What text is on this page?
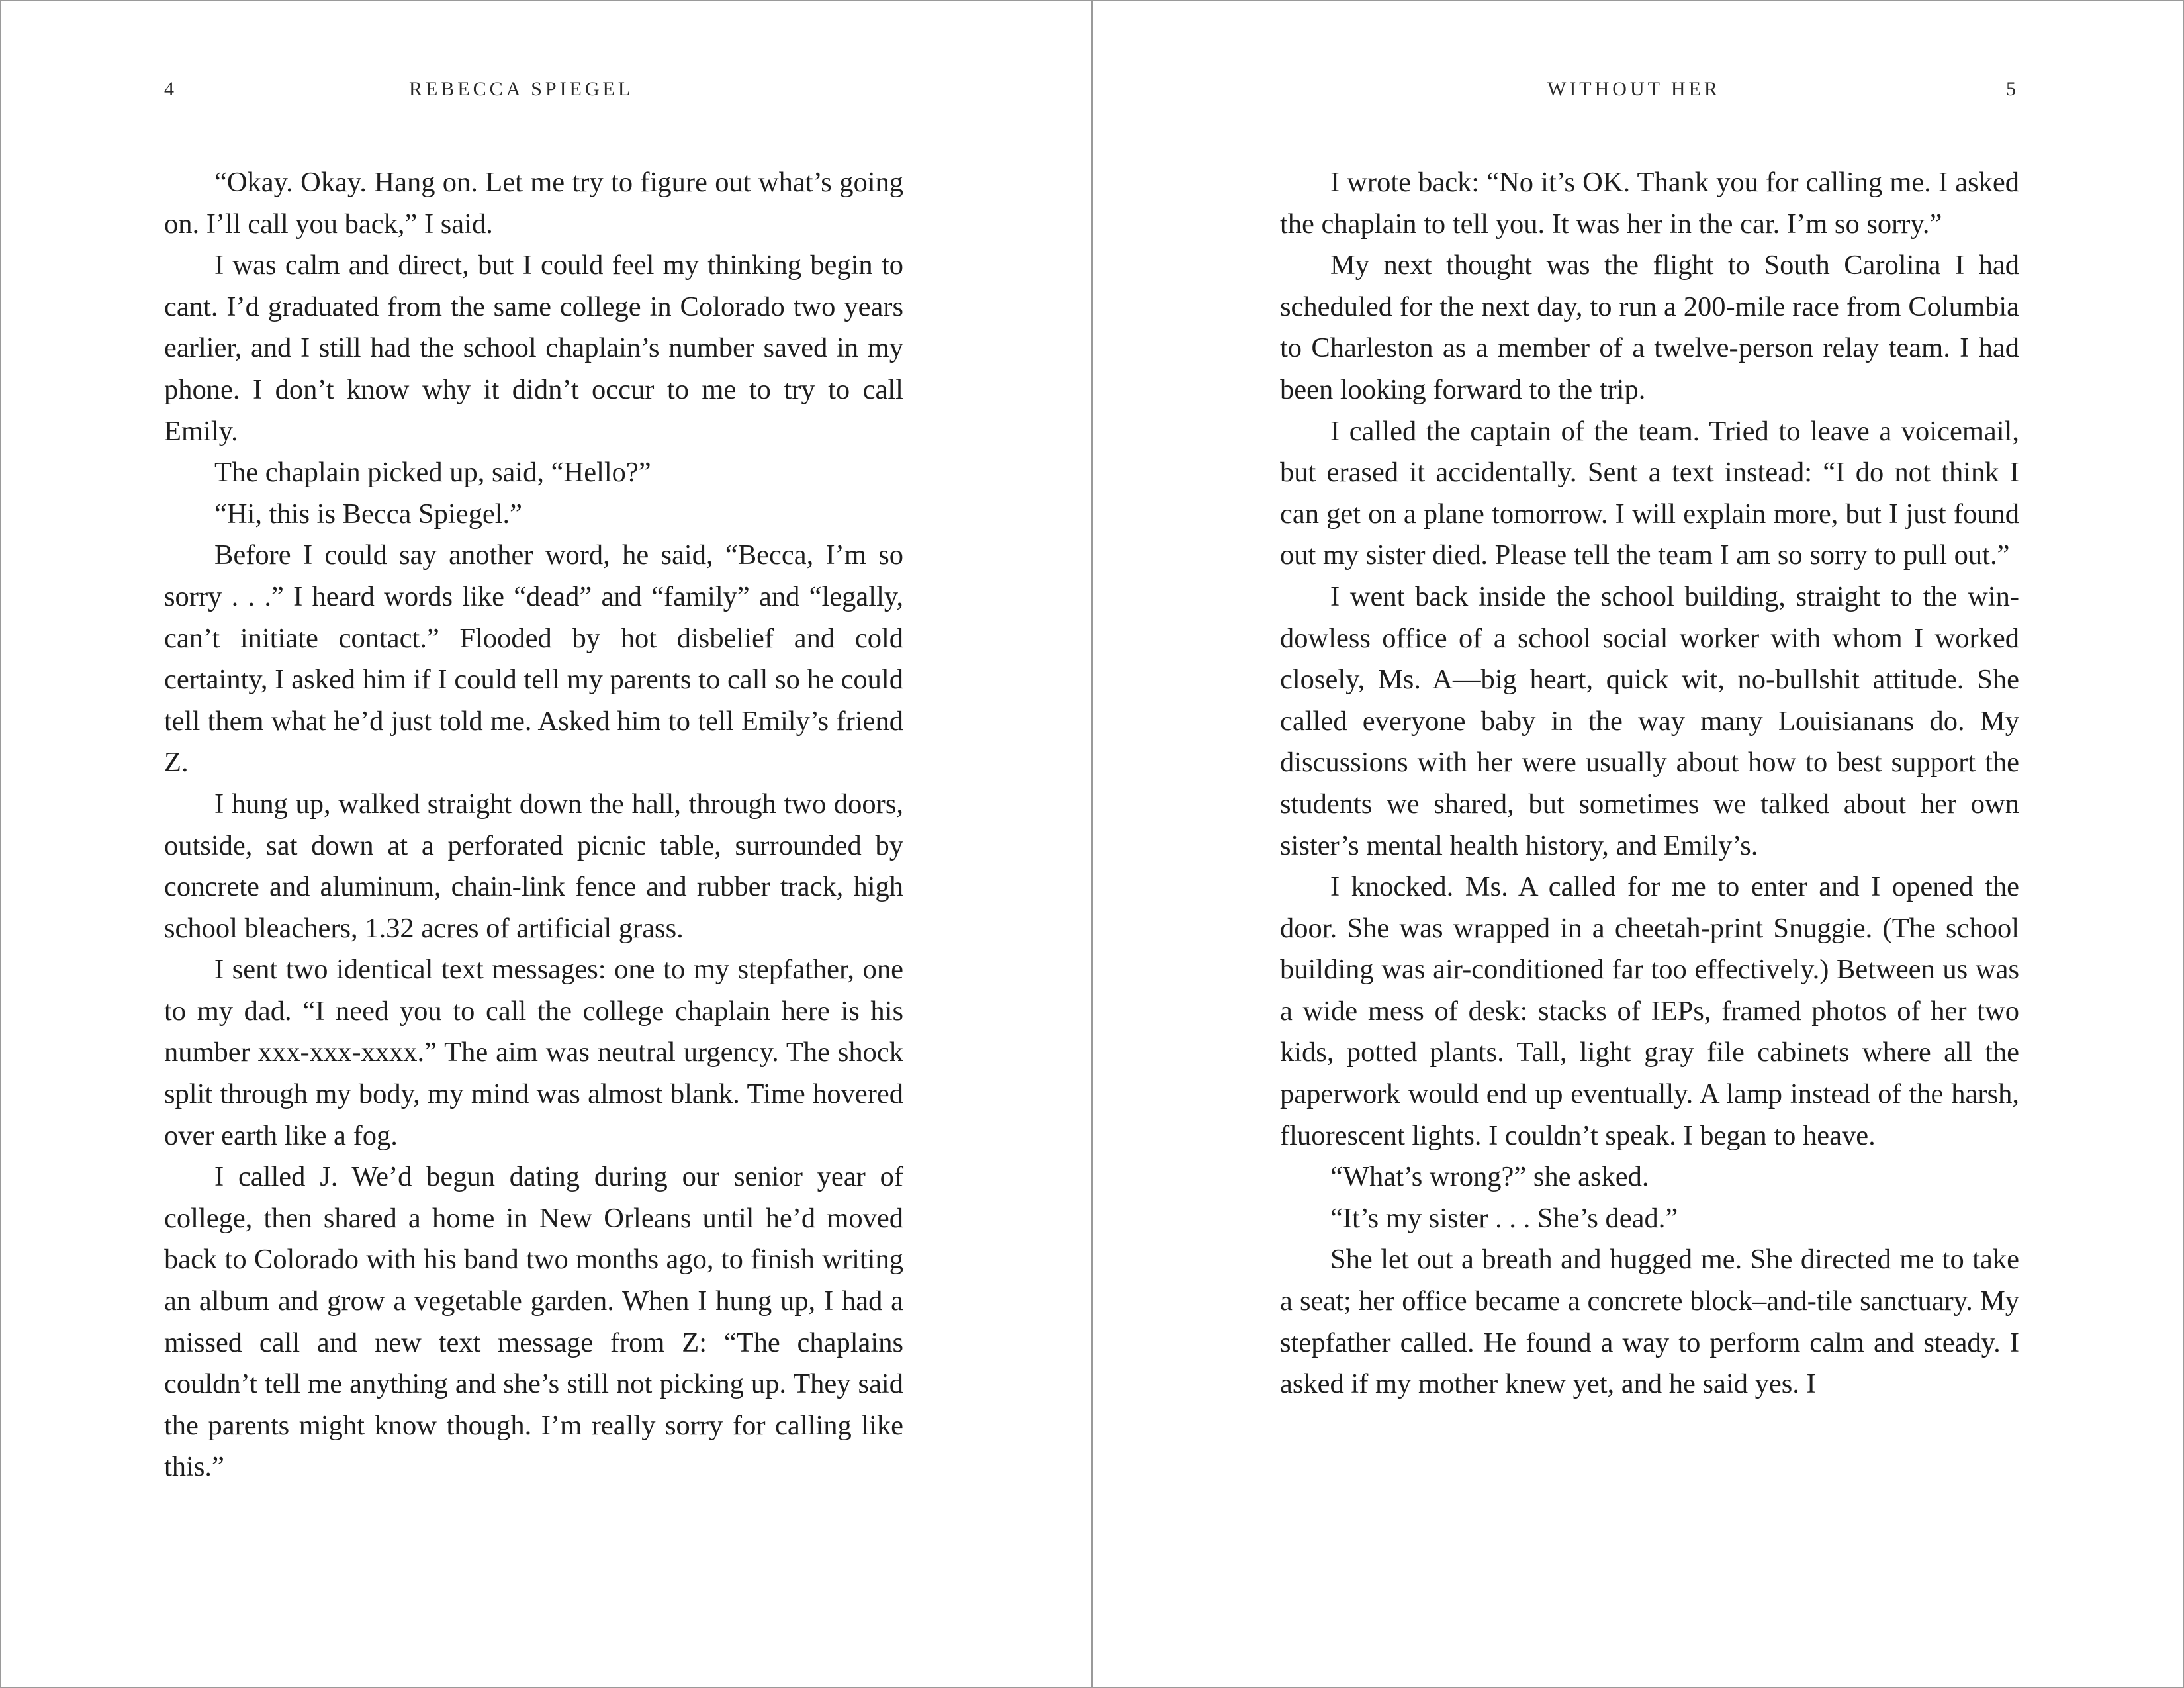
4	REBECCA SPIEGEL

“Okay. Okay. Hang on. Let me try to figure out what’s going on. I’ll call you back,” I said.

I was calm and direct, but I could feel my thinking begin to cant. I’d graduated from the same college in Colorado two years earlier, and I still had the school chaplain’s number saved in my phone. I don’t know why it didn’t occur to me to try to call Emily.

The chaplain picked up, said, “Hello?”

“Hi, this is Becca Spiegel.”

Before I could say another word, he said, “Becca, I’m so sorry . . .” I heard words like “dead” and “family” and “legally, can’t initiate contact.” Flooded by hot disbelief and cold certainty, I asked him if I could tell my parents to call so he could tell them what he’d just told me. Asked him to tell Emily’s friend Z.

I hung up, walked straight down the hall, through two doors, outside, sat down at a perforated picnic table, surrounded by concrete and aluminum, chain-link fence and rubber track, high school bleachers, 1.32 acres of artificial grass.

I sent two identical text messages: one to my stepfather, one to my dad. “I need you to call the college chaplain here is his number xxx-xxx-xxxx.” The aim was neutral urgency. The shock split through my body, my mind was almost blank. Time hovered over earth like a fog.

I called J. We’d begun dating during our senior year of college, then shared a home in New Orleans until he’d moved back to Colorado with his band two months ago, to finish writing an album and grow a vegetable garden. When I hung up, I had a missed call and new text message from Z: “The chaplains couldn’t tell me anything and she’s still not picking up. They said the parents might know though. I’m really sorry for calling like this.”

WITHOUT HER	5

I wrote back: “No it’s OK. Thank you for calling me. I asked the chaplain to tell you. It was her in the car. I’m so sorry.”

My next thought was the flight to South Carolina I had scheduled for the next day, to run a 200-mile race from Columbia to Charleston as a member of a twelve-person relay team. I had been looking forward to the trip.

I called the captain of the team. Tried to leave a voicemail, but erased it accidentally. Sent a text instead: “I do not think I can get on a plane tomorrow. I will explain more, but I just found out my sister died. Please tell the team I am so sorry to pull out.”

I went back inside the school building, straight to the windowless office of a school social worker with whom I worked closely, Ms. A—big heart, quick wit, no-bullshit attitude. She called everyone baby in the way many Louisianans do. My discussions with her were usually about how to best support the students we shared, but sometimes we talked about her own sister’s mental health history, and Emily’s.

I knocked. Ms. A called for me to enter and I opened the door. She was wrapped in a cheetah-print Snuggie. (The school building was air-conditioned far too effectively.) Between us was a wide mess of desk: stacks of IEPs, framed photos of her two kids, potted plants. Tall, light gray file cabinets where all the paperwork would end up eventually. A lamp instead of the harsh, fluorescent lights. I couldn’t speak. I began to heave.

“What’s wrong?” she asked.

“It’s my sister . . . She’s dead.”

She let out a breath and hugged me. She directed me to take a seat; her office became a concrete block–and-tile sanctuary. My stepfather called. He found a way to perform calm and steady. I asked if my mother knew yet, and he said yes. I
